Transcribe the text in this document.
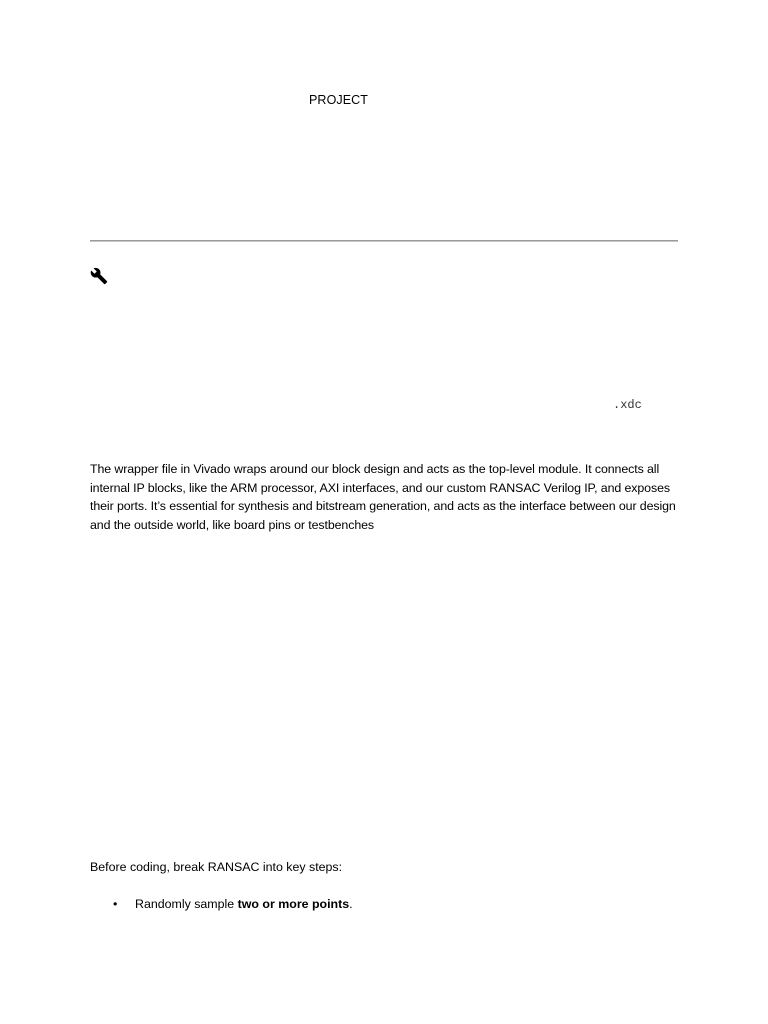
PROJECT
.xdc

The wrapper file in Vivado wraps around our block design and acts as the top-level module. It connects all internal IP blocks, like the ARM processor, AXI interfaces, and our custom RANSAC Verilog IP, and exposes their ports. It’s essential for synthesis and bitstream generation, and acts as the interface between our design and the outside world, like board pins or testbenches

Before coding, break RANSAC into key steps:

• Randomly sample two or more points.
